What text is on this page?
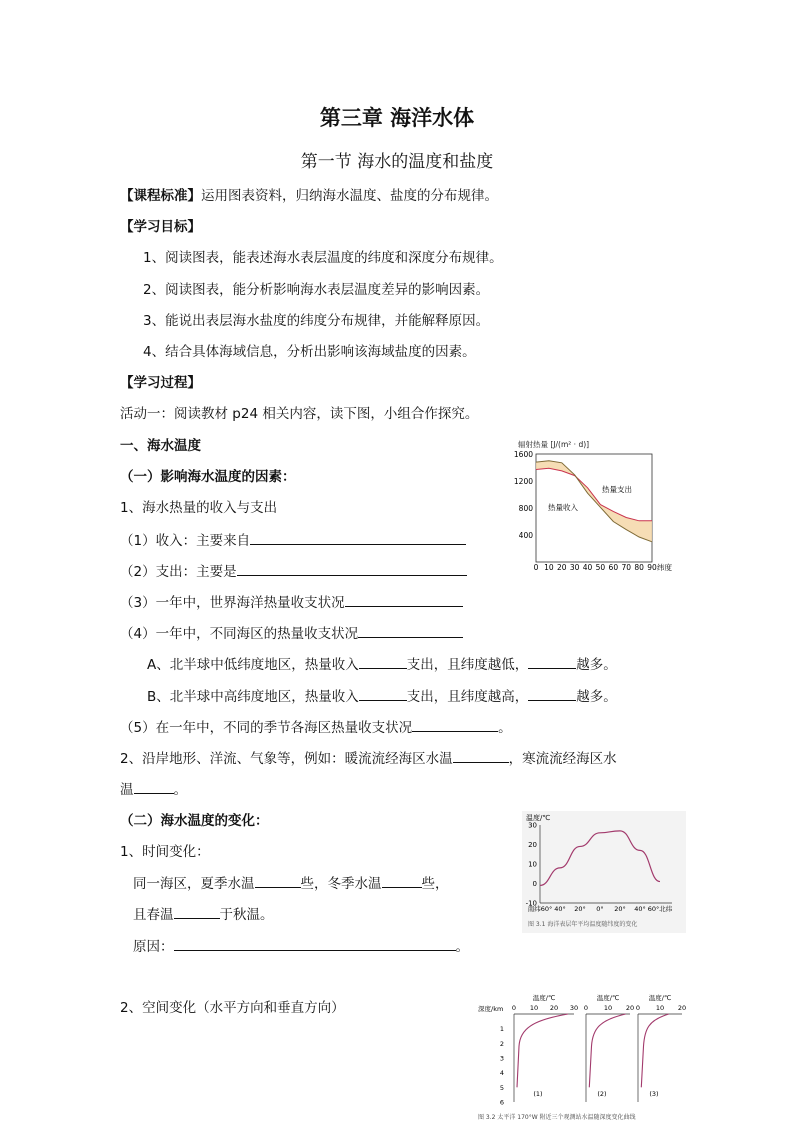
第三章 海洋水体
第一节 海水的温度和盐度
【课程标准】运用图表资料，归纳海水温度、盐度的分布规律。
【学习目标】
1、阅读图表，能表述海水表层温度的纬度和深度分布规律。
2、阅读图表，能分析影响海水表层温度差异的影响因素。
3、能说出表层海水盐度的纬度分布规律，并能解释原因。
4、结合具体海域信息，分析出影响该海域盐度的因素。
【学习过程】
活动一：阅读教材 p24 相关内容，读下图，小组合作探究。
一、海水温度
（一）影响海水温度的因素：
1、海水热量的收入与支出
（1）收入：主要来自
（2）支出：主要是
（3）一年中，世界海洋热量收支状况
（4）一年中，不同海区的热量收支状况
A、北半球中低纬度地区，热量收入	支出，且纬度越低，	越多。
B、北半球中高纬度地区，热量收入	支出，且纬度越高，	越多。
（5）在一年中，不同的季节各海区热量收支状况	。
2、沿岸地形、洋流、气象等，例如：暖流流经海区水温	，寒流流经海区水
温	。
（二）海水温度的变化：
1、时间变化：
同一海区，夏季水温	些，冬季水温	些，
且春温	于秋温。
原因：	。
2、空间变化（水平方向和垂直方向）
辐射热量 [J/(m² · d)]
400
800
1200
1600
0 10 20 30 40 50 60 70 80 90 纬度
热量支出
热量收入
温度/℃
-10
0
10
20
30
南纬60° 40° 20° 0° 20° 40° 60°北纬
图 3.1 海洋表层年平均温度随纬度的变化
深度/km
温度/℃
0 10 20 30
(1)
温度/℃
0 10 20
(2)
温度/℃
0 10 20
(3)
1
2
3
4
5
6
图 3.2 太平洋 170°W 附近三个观测站水温随深度变化曲线
